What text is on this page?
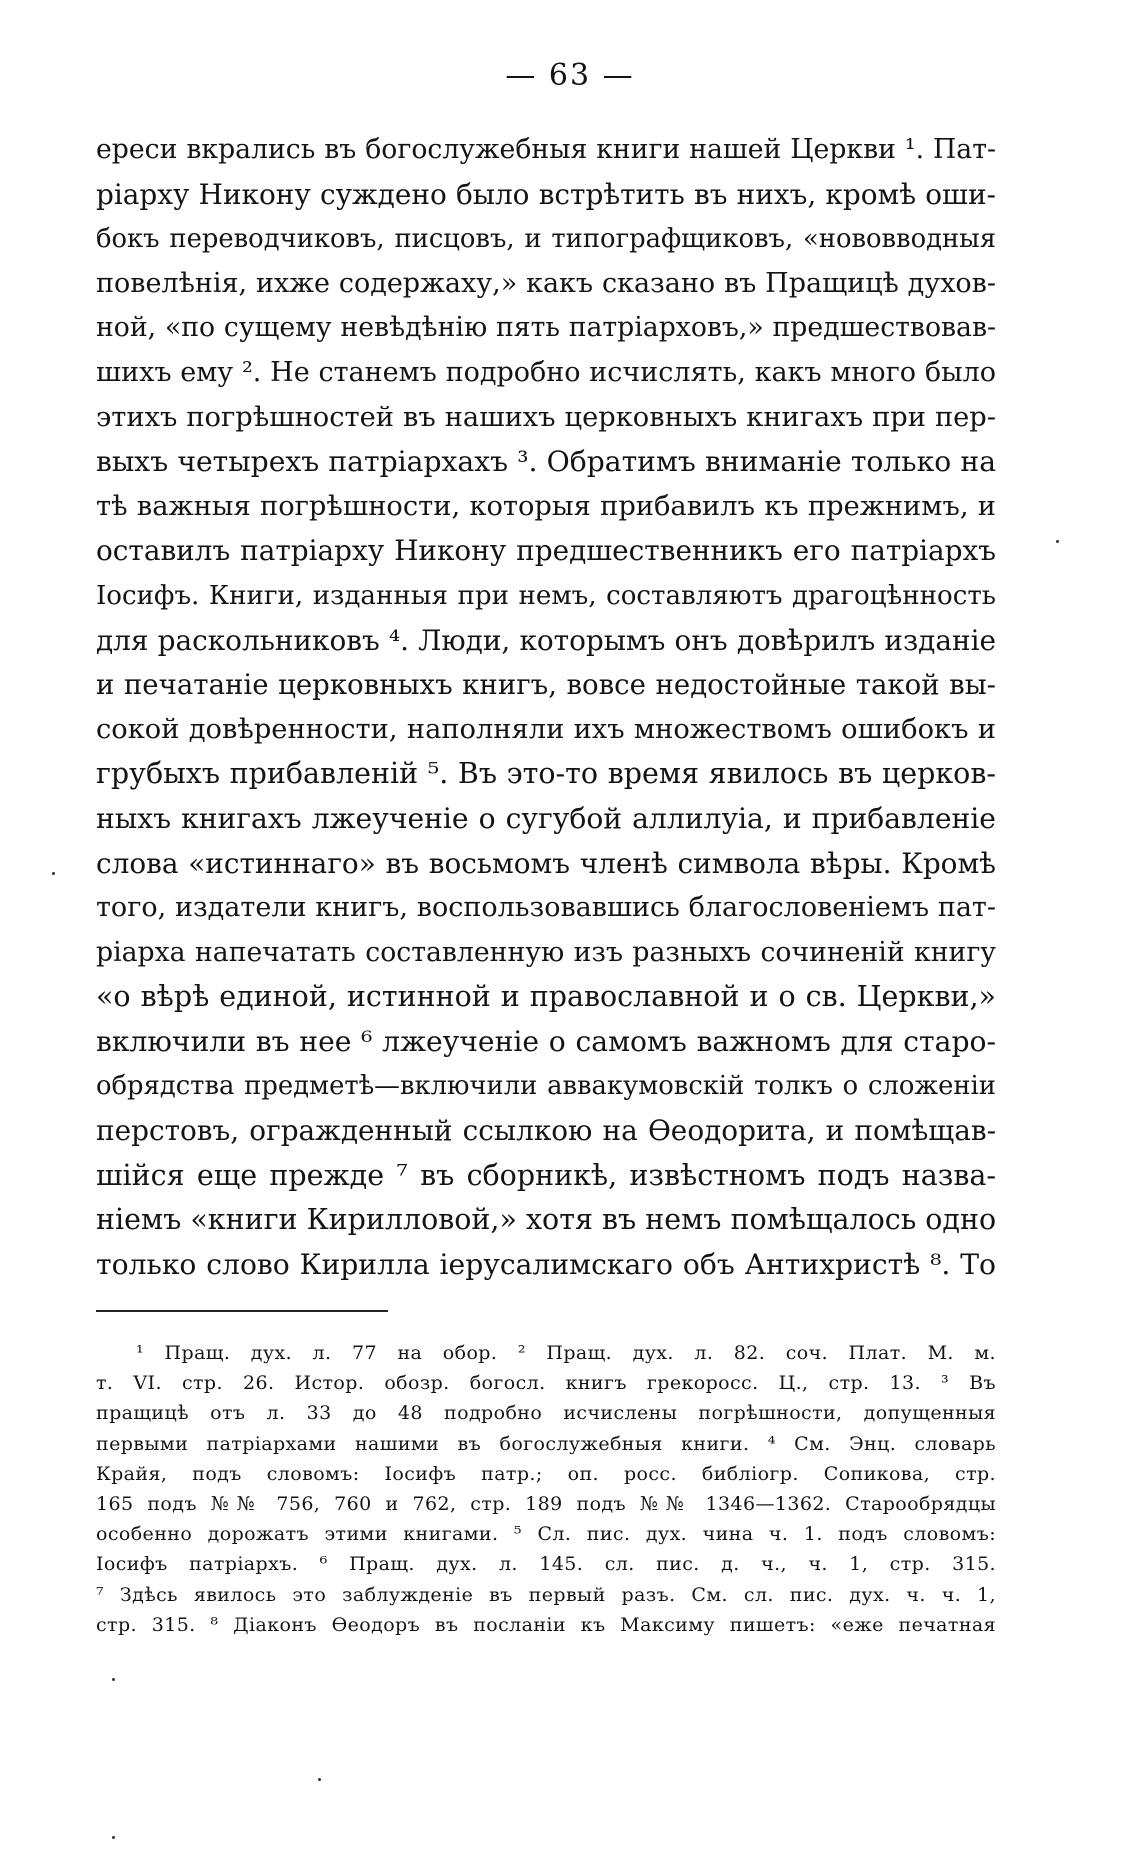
— 63 —
ереси вкрались въ богослужебныя книги нашей Церкви ¹. Пат-
ріарху Никону суждено было встрѣтить въ нихъ, кромѣ оши-
бокъ переводчиковъ, писцовъ, и типографщиковъ, «нововводныя
повелѣнія, ихже содержаху,» какъ сказано въ Пращицѣ духов-
ной, «по сущему невѣдѣнію пять патріарховъ,» предшествовав-
шихъ ему ². Не станемъ подробно исчислять, какъ много было
этихъ погрѣшностей въ нашихъ церковныхъ книгахъ при пер-
выхъ четырехъ патріархахъ ³. Обратимъ вниманіе только на
тѣ важныя погрѣшности, которыя прибавилъ къ прежнимъ, и
оставилъ патріарху Никону предшественникъ его патріархъ
Іосифъ. Книги, изданныя при немъ, составляютъ драгоцѣнность
для раскольниковъ ⁴. Люди, которымъ онъ довѣрилъ изданіе
и печатаніе церковныхъ книгъ, вовсе недостойные такой вы-
сокой довѣренности, наполняли ихъ множествомъ ошибокъ и
грубыхъ прибавленій ⁵. Въ это-то время явилось въ церков-
ныхъ книгахъ лжеученіе о сугубой аллилуіа, и прибавленіе
слова «истиннаго» въ восьмомъ членѣ символа вѣры. Кромѣ
того, издатели книгъ, воспользовавшись благословеніемъ пат-
ріарха напечатать составленную изъ разныхъ сочиненій книгу
«о вѣрѣ единой, истинной и православной и о св. Церкви,»
включили въ нее ⁶ лжеученіе о самомъ важномъ для старо-
обрядства предметѣ—включили аввакумовскій толкъ о сложеніи
перстовъ, огражденный ссылкою на Ѳеодорита, и помѣщав-
шійся еще прежде ⁷ въ сборникѣ, извѣстномъ подъ назва-
ніемъ «книги Кирилловой,» хотя въ немъ помѣщалось одно
только слово Кирилла іерусалимскаго объ Антихристѣ ⁸. То
¹ Пращ. дух. л. 77 на обор. ² Пращ. дух. л. 82. соч. Плат. М. м.
т. VI. стр. 26. Истор. обозр. богосл. книгъ грекоросс. Ц., стр. 13. ³ Въ
пращицѣ отъ л. 33 до 48 подробно исчислены погрѣшности, допущенныя
первыми патріархами нашими въ богослужебныя книги. ⁴ См. Энц. словарь
Крайя, подъ словомъ: Іосифъ патр.; оп. росс. библіогр. Сопикова, стр.
165 подъ №№ 756, 760 и 762, стр. 189 подъ №№ 1346—1362. Старообрядцы
особенно дорожатъ этими книгами. ⁵ Сл. пис. дух. чина ч. 1. подъ словомъ:
Іосифъ патріархъ. ⁶ Пращ. дух. л. 145. сл. пис. д. ч., ч. 1, стр. 315.
⁷ Здѣсь явилось это заблужденіе въ первый разъ. См. сл. пис. дух. ч. ч. 1,
стр. 315. ⁸ Діаконъ Ѳеодоръ въ посланіи къ Максиму пишетъ: «еже печатная
